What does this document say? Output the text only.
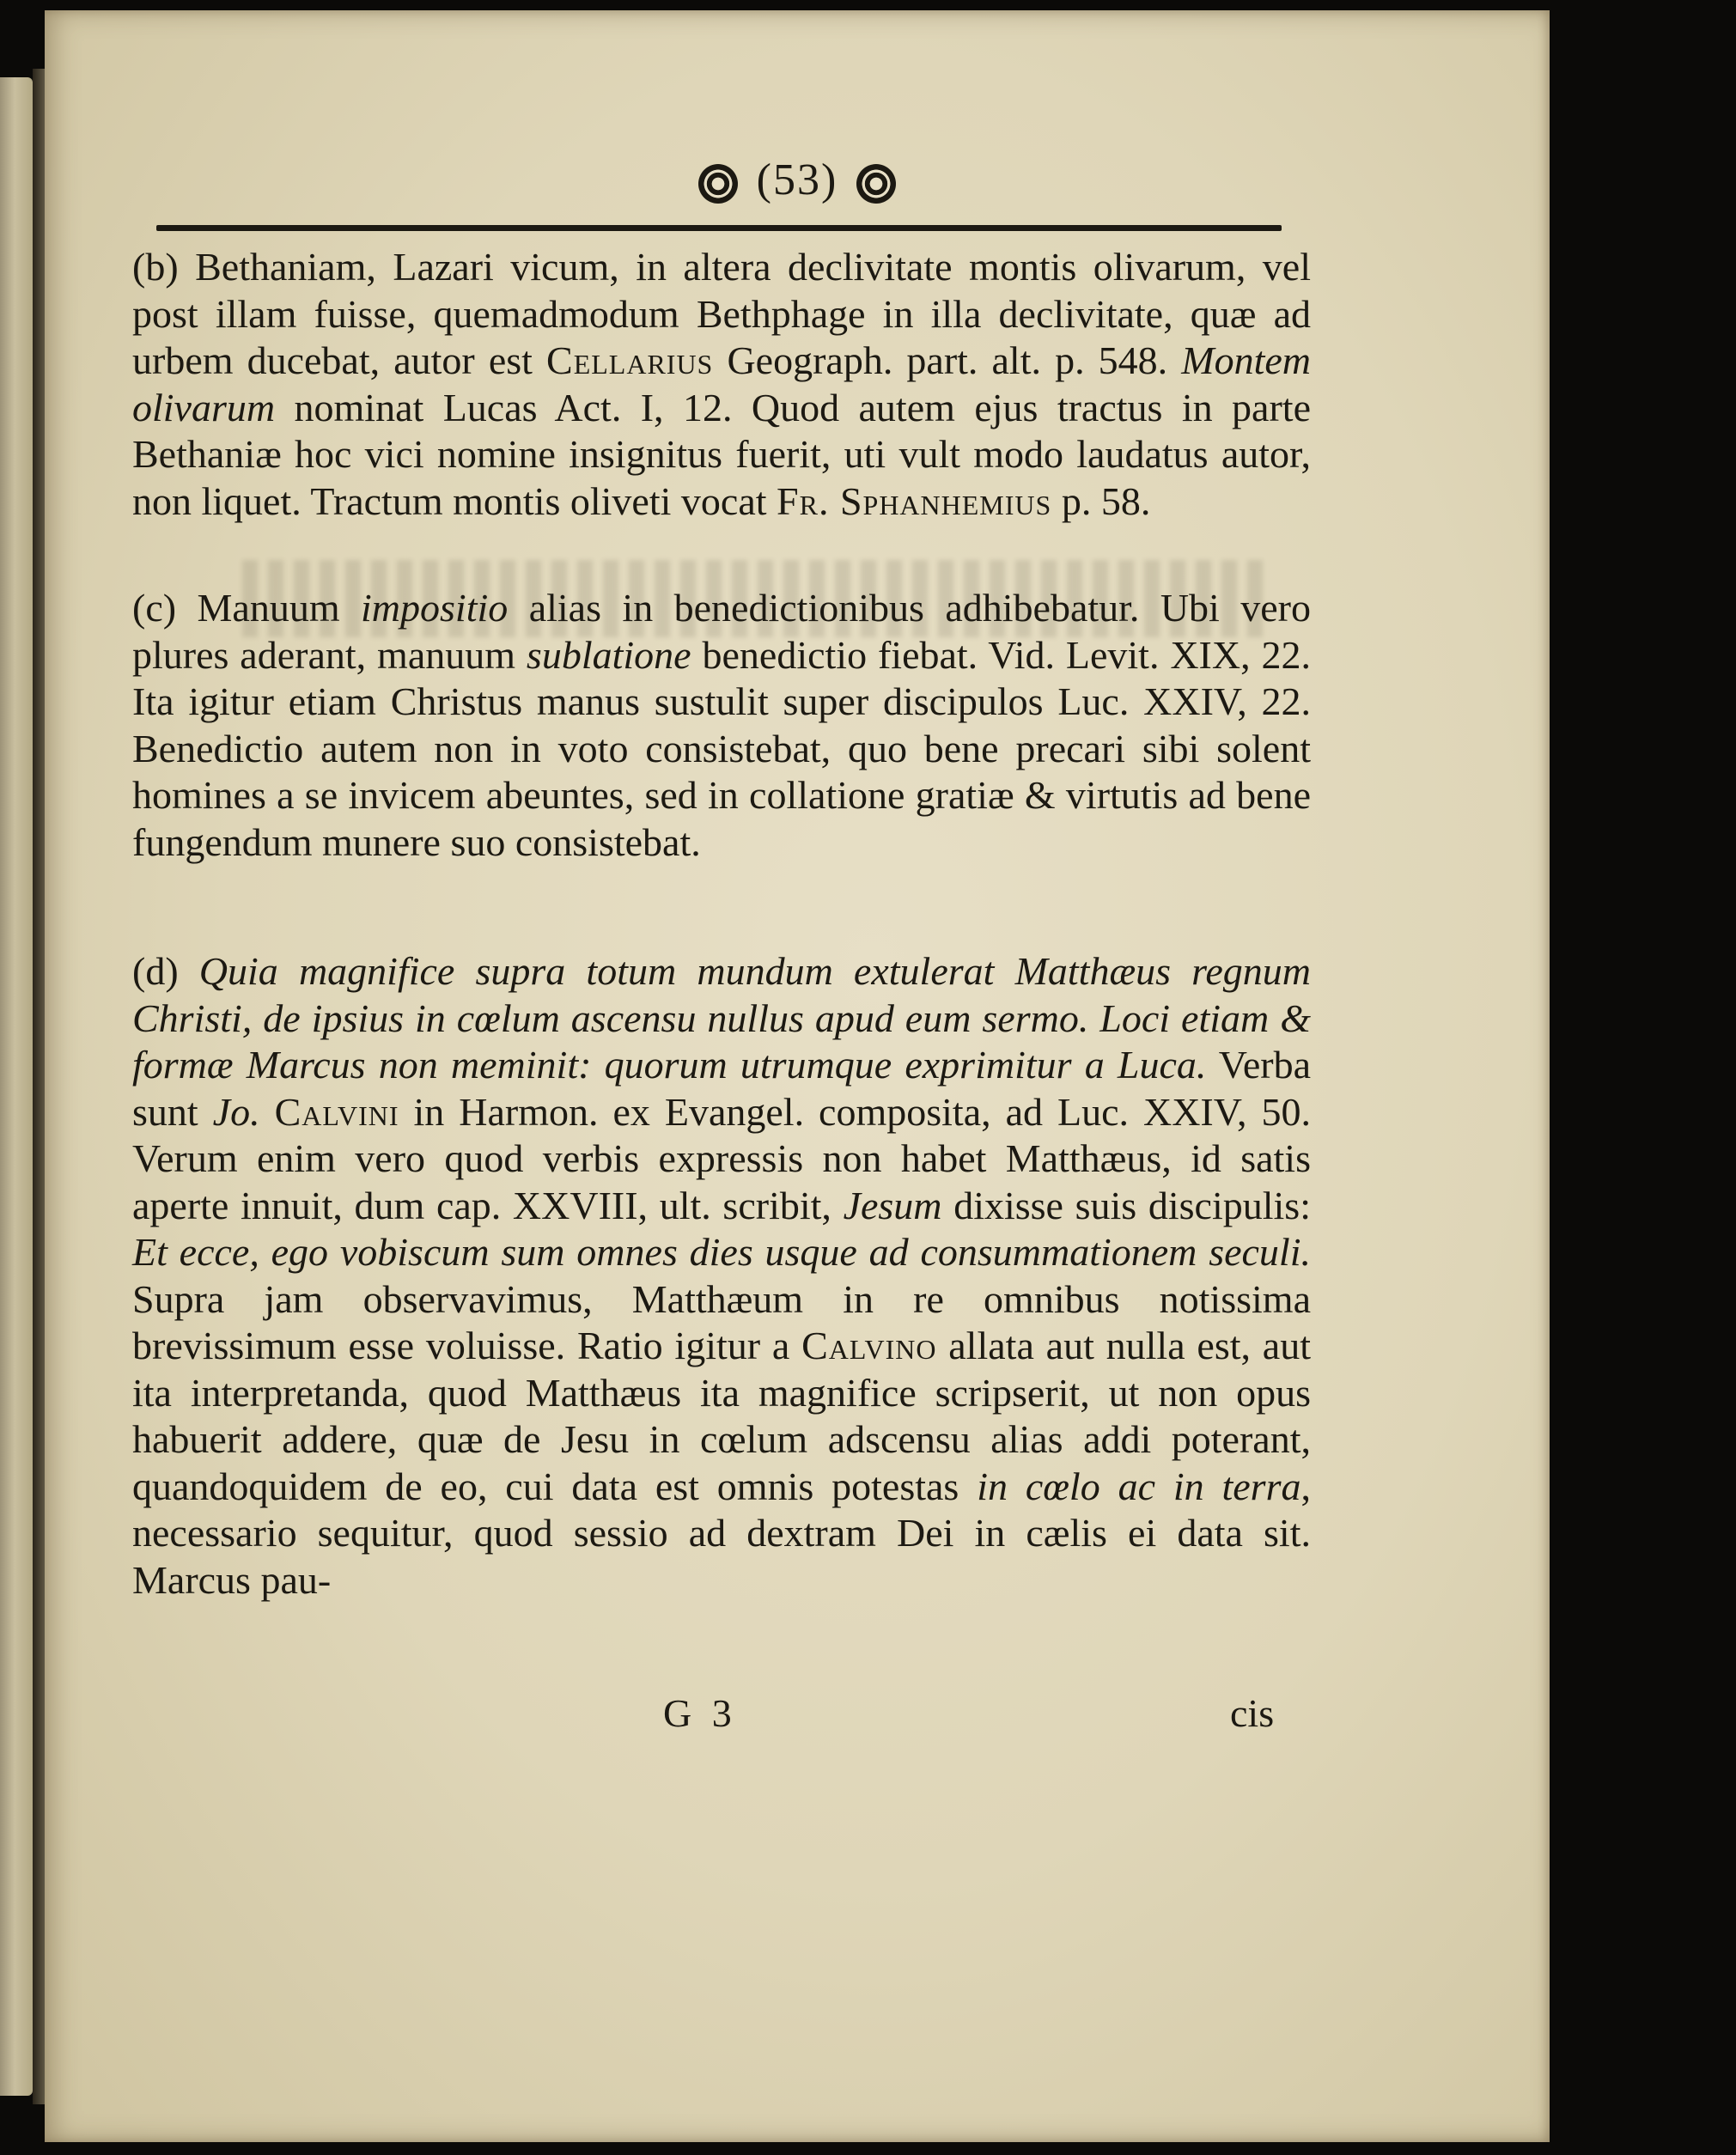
(53)

(b) Bethaniam, Lazari vicum, in altera declivitate montis olivarum, vel post illam fuisse, quemadmodum Bethphage in illa declivitate, quæ ad urbem ducebat, autor est Cellarius Geograph. part. alt. p. 548. Montem olivarum nominat Lucas Act. I, 12. Quod autem ejus tractus in parte Bethaniæ hoc vici nomine insignitus fuerit, uti vult modo laudatus autor, non liquet. Tractum montis oliveti vocat Fr. Sphanhemius p. 58.

(c) Manuum impositio alias in benedictionibus adhibebatur. Ubi vero plures aderant, manuum sublatione benedictio fiebat. Vid. Levit. XIX, 22. Ita igitur etiam Christus manus sustulit super discipulos Luc. XXIV, 22. Benedictio autem non in voto consistebat, quo bene precari sibi solent homines a se invicem abeuntes, sed in collatione gratiæ & virtutis ad bene fungendum munere suo consistebat.

(d) Quia magnifice supra totum mundum extulerat Matthæus regnum Christi, de ipsius in cœlum ascensu nullus apud eum sermo. Loci etiam & formæ Marcus non meminit: quorum utrumque exprimitur a Luca. Verba sunt Jo. Calvini in Harmon. ex Evangel. composita, ad Luc. XXIV, 50. Verum enim vero quod verbis expressis non habet Matthæus, id satis aperte innuit, dum cap. XXVIII, ult. scribit, Jesum dixisse suis discipulis: Et ecce, ego vobiscum sum omnes dies usque ad consummationem seculi. Supra jam observavimus, Matthæum in re omnibus notissima brevissimum esse voluisse. Ratio igitur a Calvino allata aut nulla est, aut ita interpretanda, quod Matthæus ita magnifice scripserit, ut non opus habuerit addere, quæ de Jesu in cœlum adscensu alias addi poterant, quandoquidem de eo, cui data est omnis potestas in cœlo ac in terra, necessario sequitur, quod sessio ad dextram Dei in cælis ei data sit. Marcus pau-

G 3	cis
